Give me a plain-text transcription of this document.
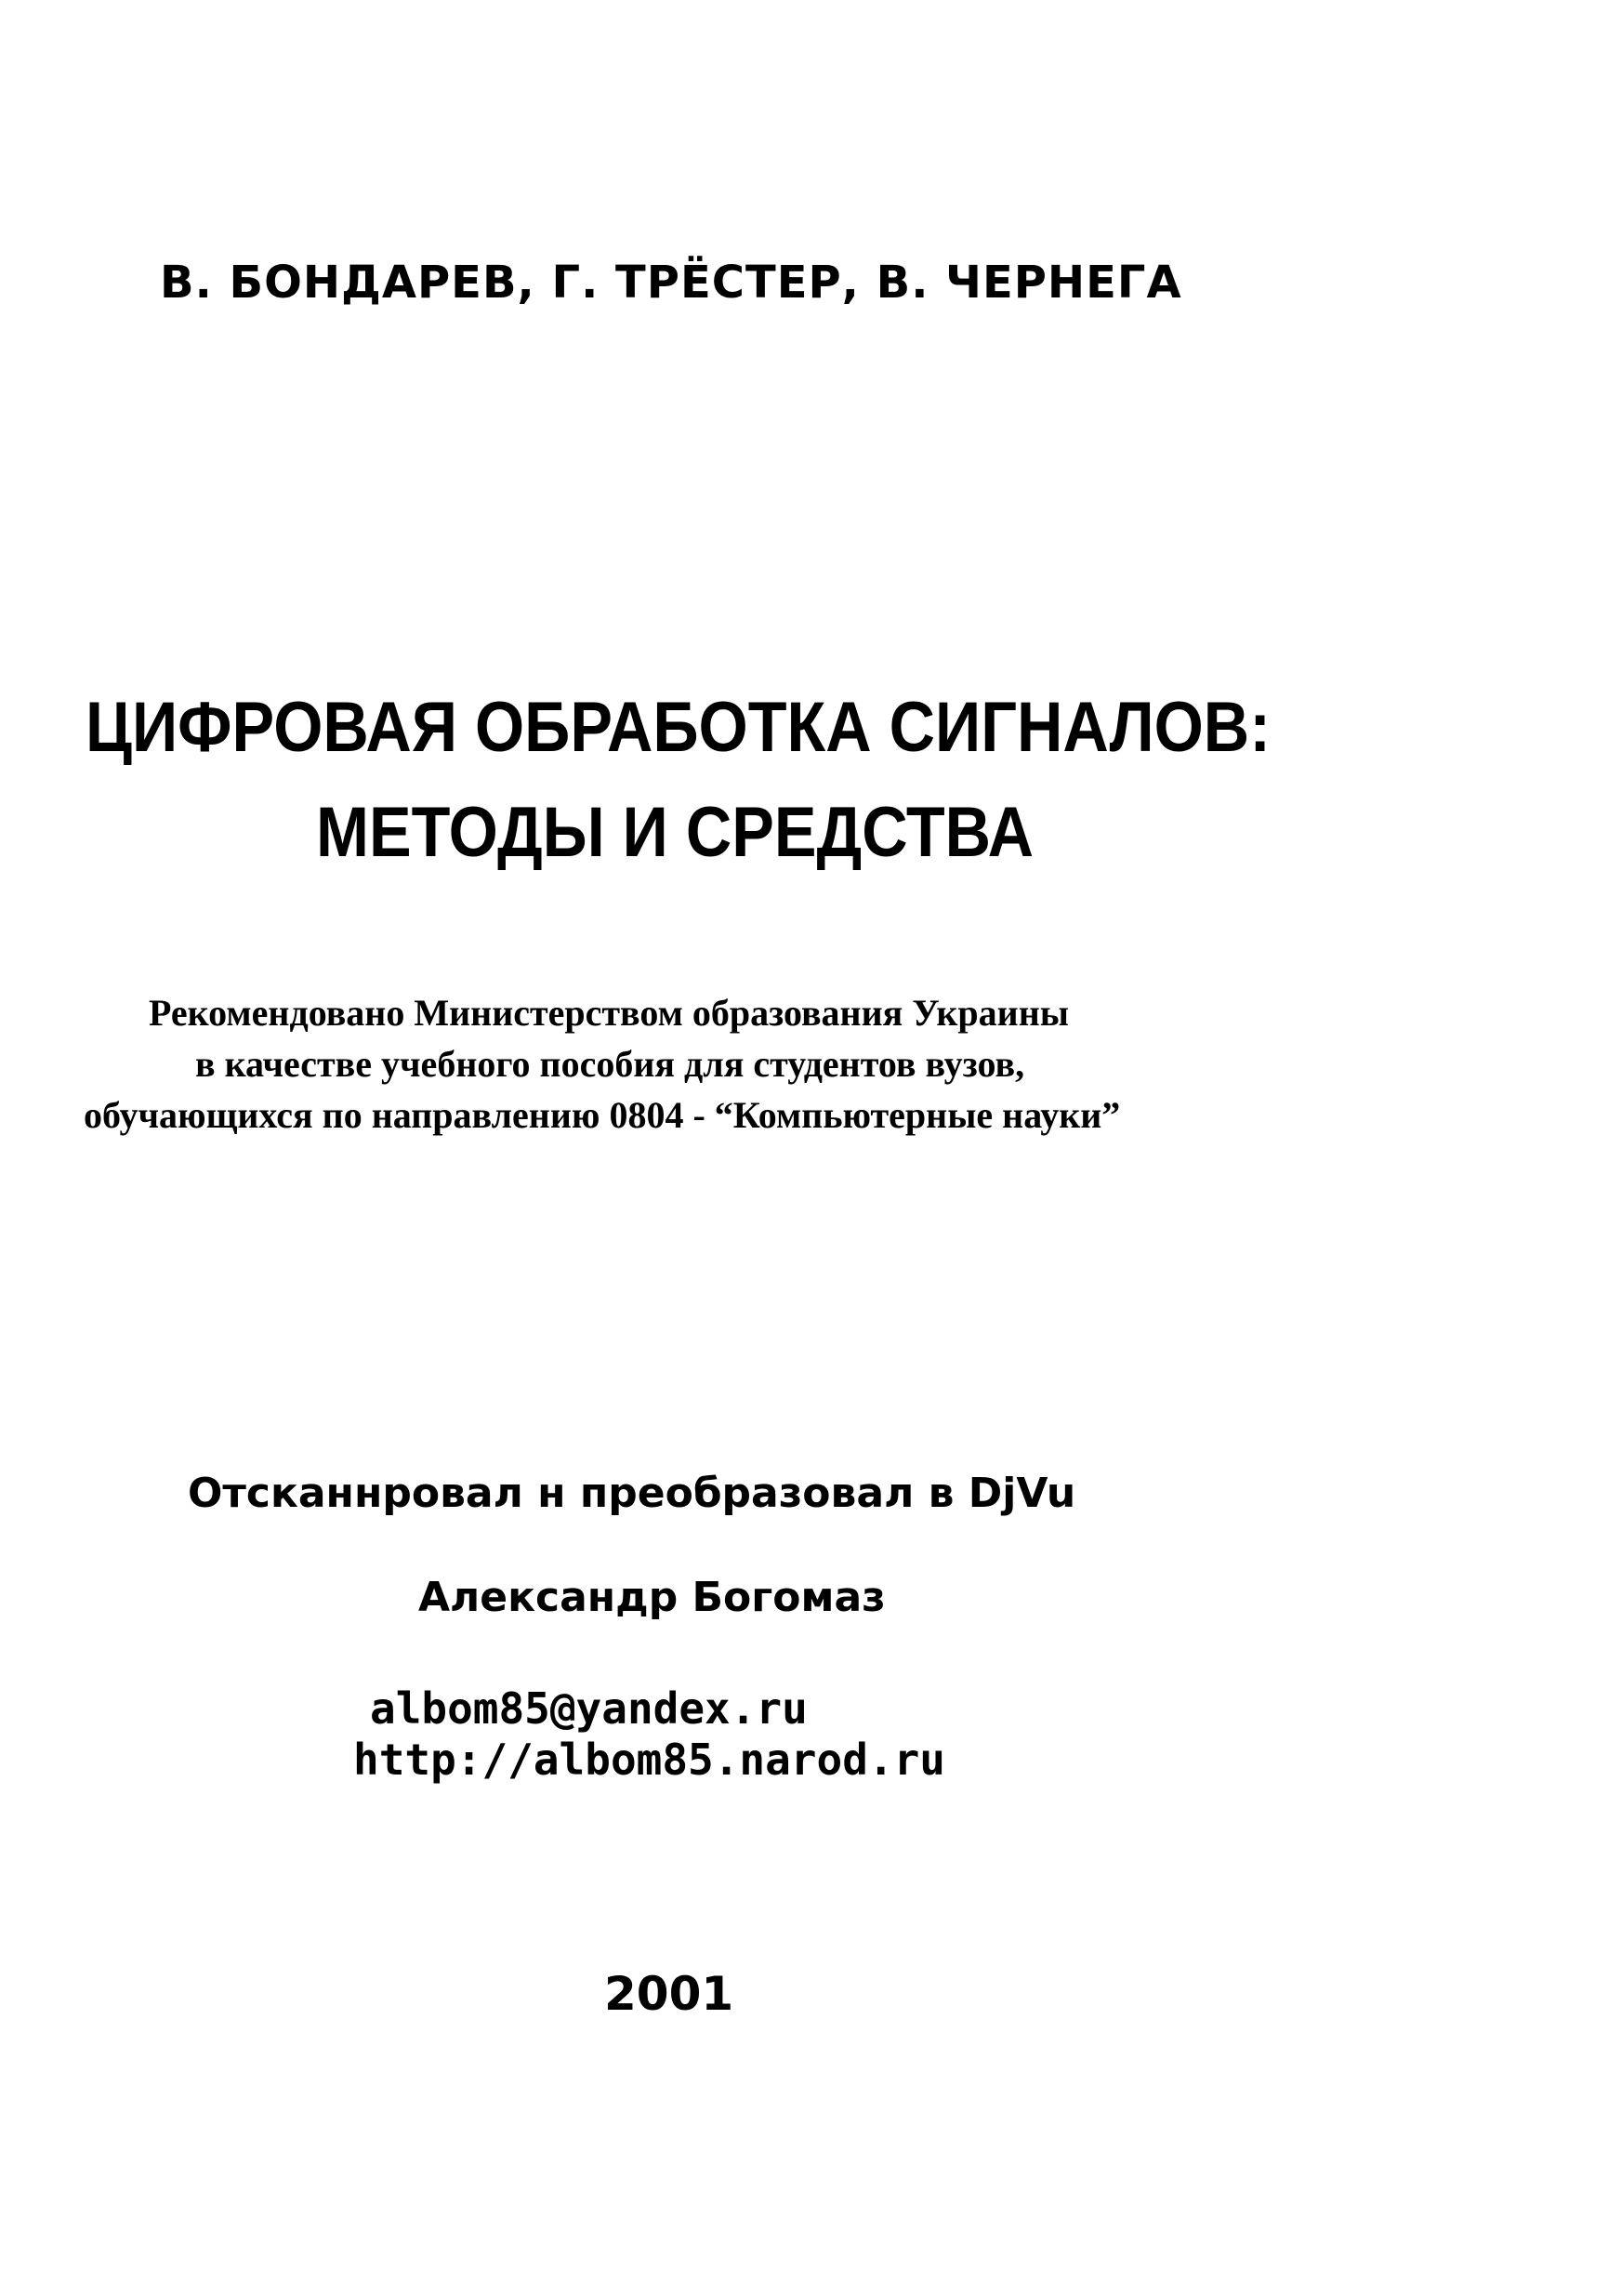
В. БОНДАРЕВ, Г. ТРЁСТЕР, В. ЧЕРНЕГА
ЦИФРОВАЯ ОБРАБОТКА СИГНАЛОВ:
МЕТОДЫ И СРЕДСТВА
Рекомендовано Министерством образования Украины
в качестве учебного пособия для студентов вузов,
обучающихся по направлению 0804 - “Компьютерные науки”
Отсканнровал н преобразовал в DjVu
Александр Богомаз
albom85@yandex.ru
http://albom85.narod.ru
2001
